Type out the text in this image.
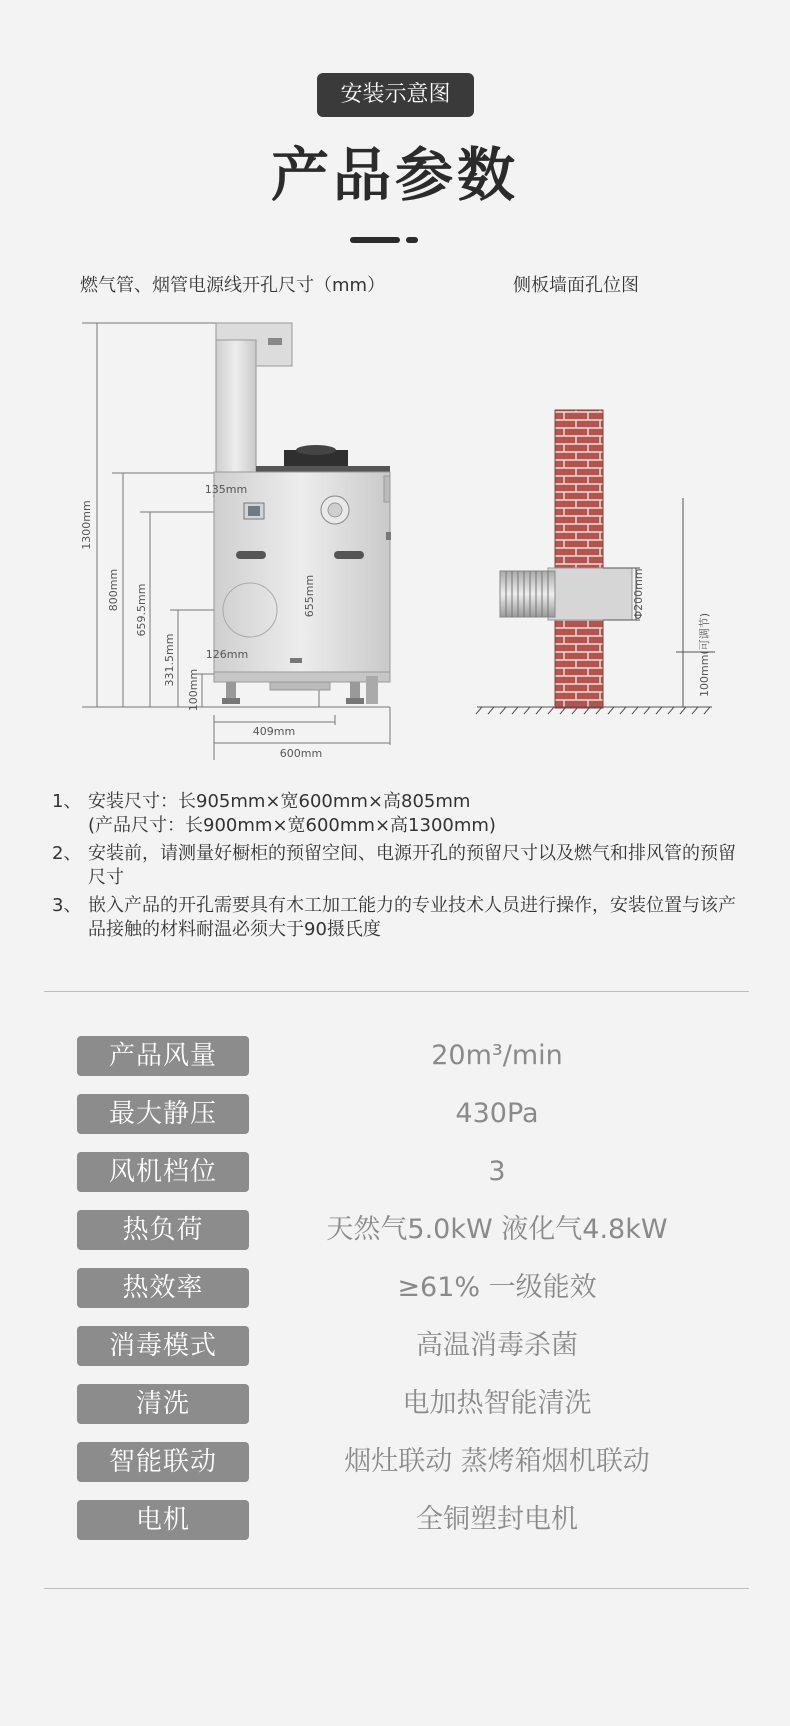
安装示意图
产品参数
燃气管、烟管电源线开孔尺寸（mm）	侧板墙面孔位图
1300mm
800mm 659.5mm
331.5mm
100mm
135mm
126mm
655mm
409mm
600mm
Φ200mm
100mm(可调节)
1、 安装尺寸：长905mm×宽600mm×高805mm
(产品尺寸：长900mm×宽600mm×高1300mm)
2、 安装前，请测量好橱柜的预留空间、电源开孔的预留尺寸以及燃气和排风管的预留尺寸
3、 嵌入产品的开孔需要具有木工加工能力的专业技术人员进行操作，安装位置与该产品接触的材料耐温必须大于90摄氏度
产品风量	20m³/min
最大静压	430Pa
风机档位	3
热负荷	天然气5.0kW 液化气4.8kW
热效率	≥61% 一级能效
消毒模式	高温消毒杀菌
清洗	电加热智能清洗
智能联动	烟灶联动 蒸烤箱烟机联动
电机	全铜塑封电机
